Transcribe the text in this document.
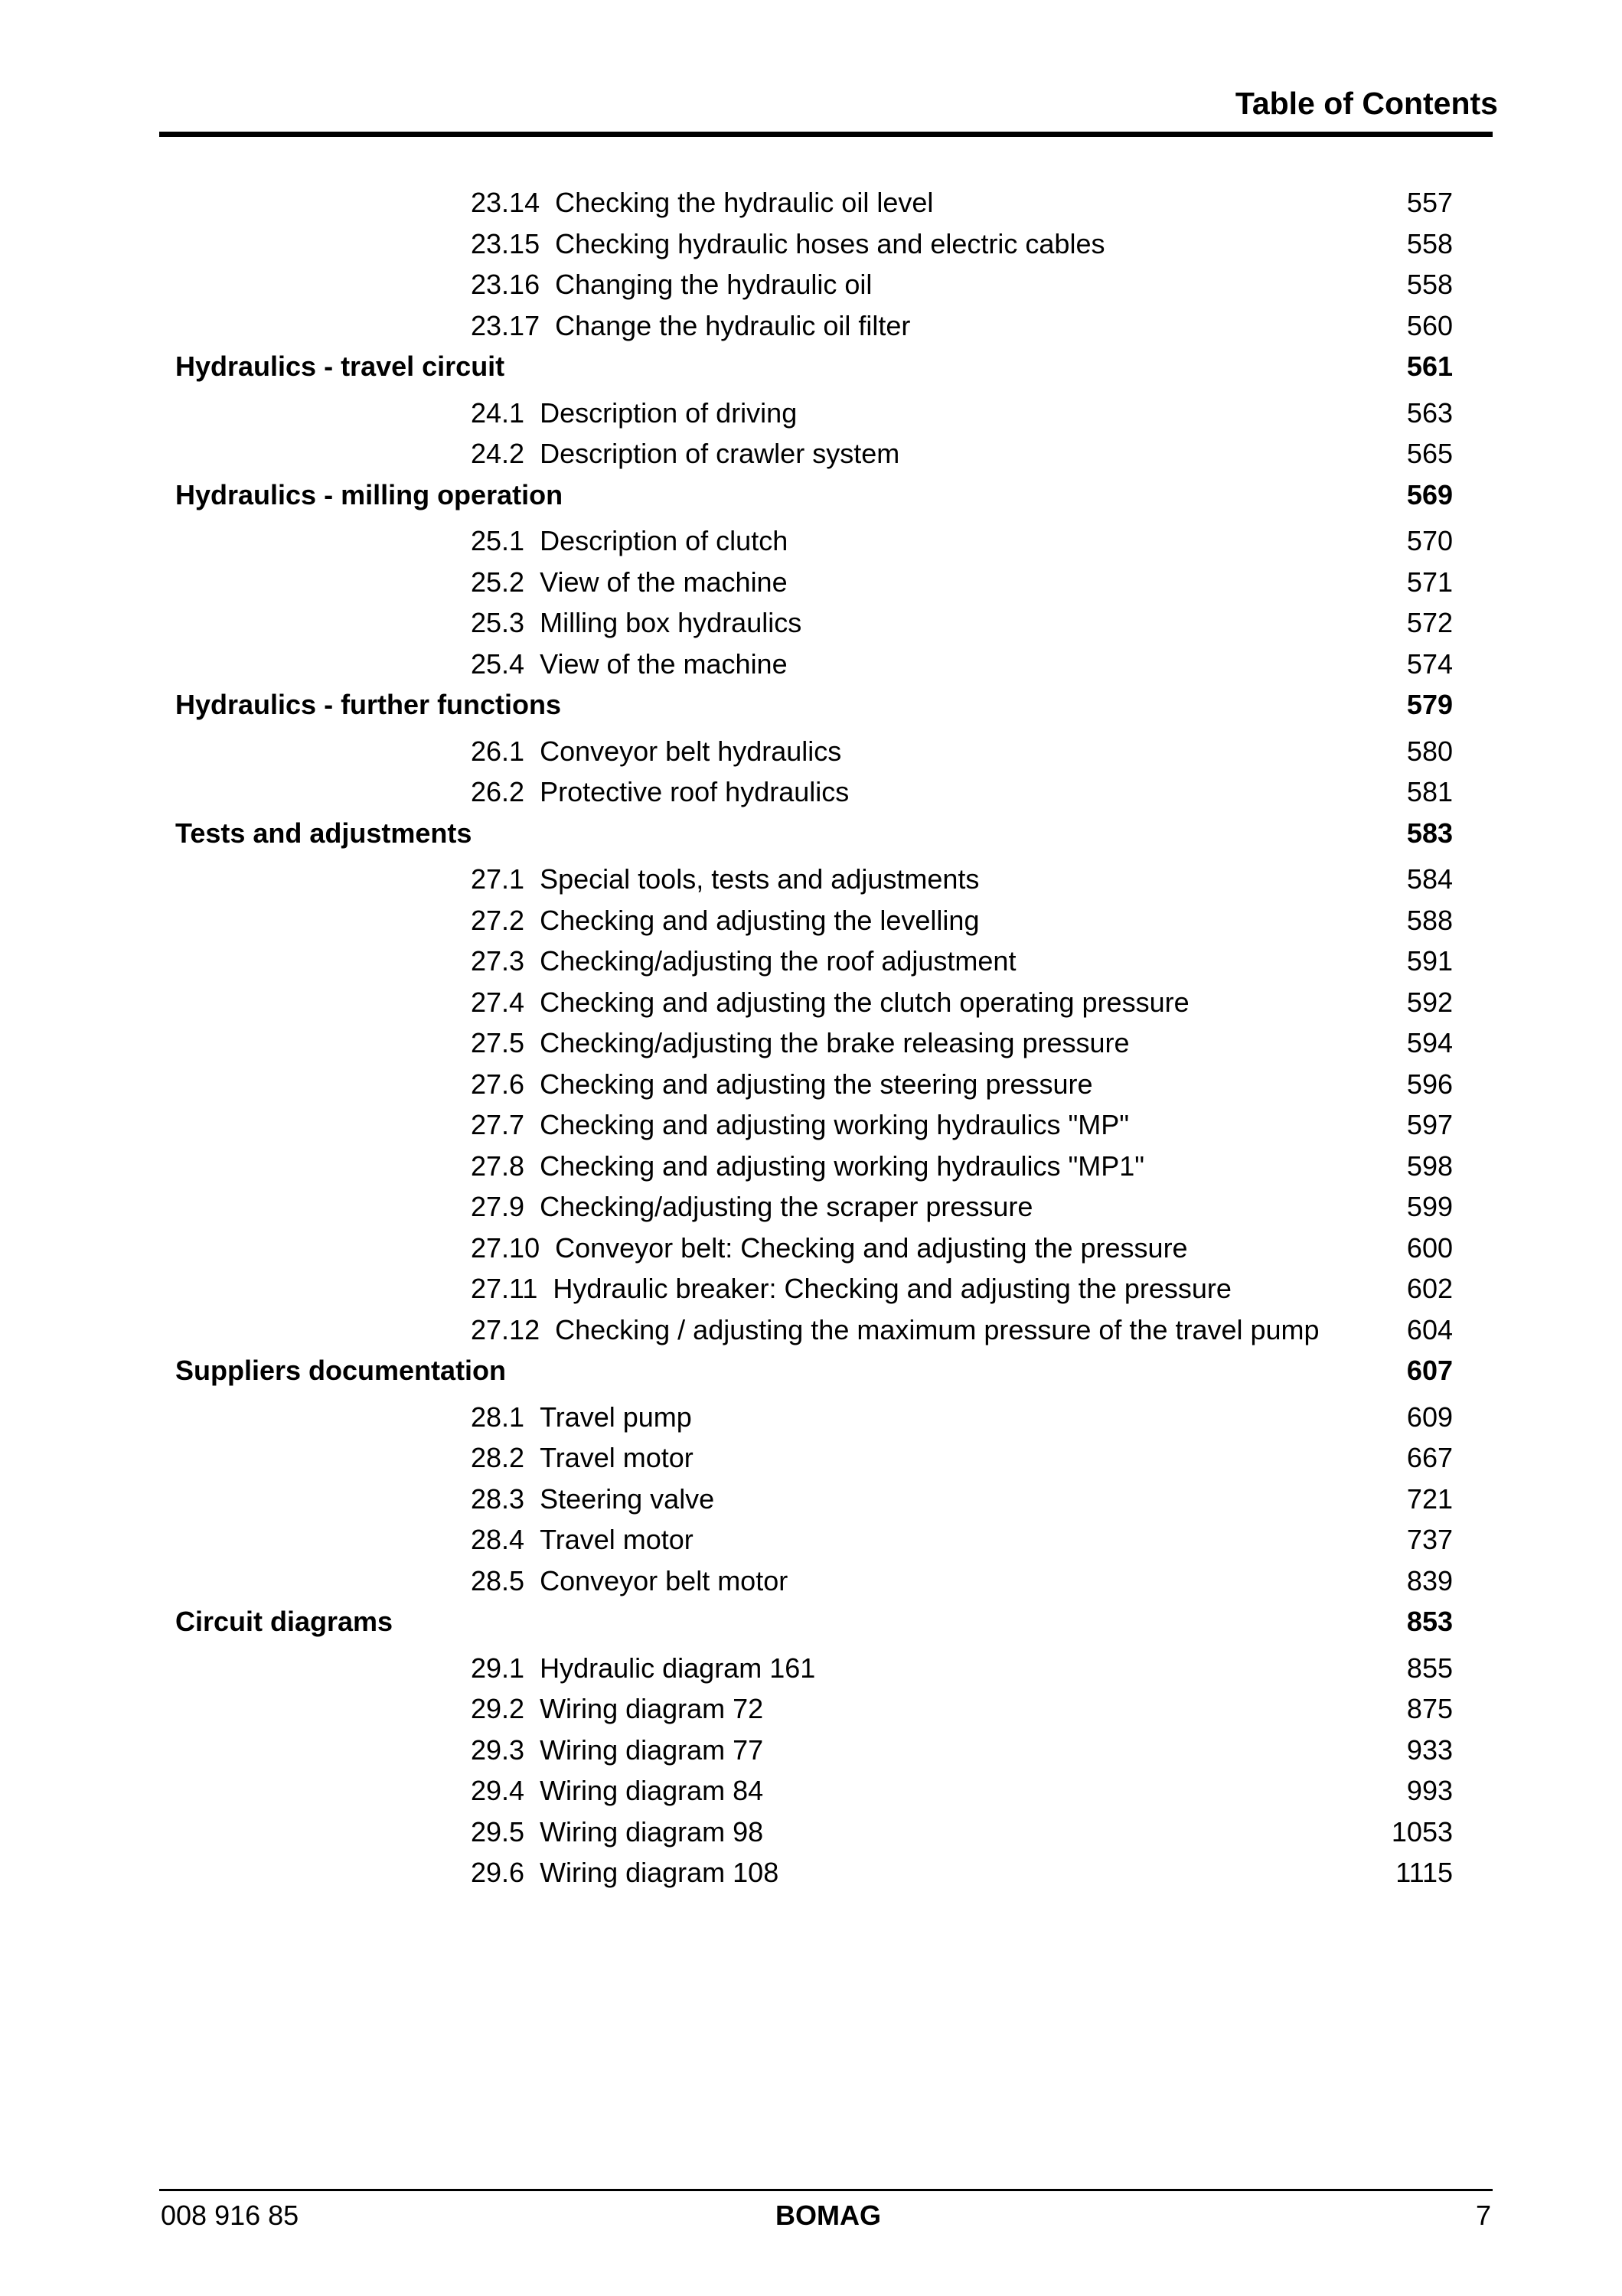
Table of Contents
23.14 Checking the hydraulic oil level	557
23.15 Checking hydraulic hoses and electric cables	558
23.16 Changing the hydraulic oil	558
23.17 Change the hydraulic oil filter	560
Hydraulics - travel circuit	561
24.1 Description of driving	563
24.2 Description of crawler system	565
Hydraulics - milling operation	569
25.1 Description of clutch	570
25.2 View of the machine	571
25.3 Milling box hydraulics	572
25.4 View of the machine	574
Hydraulics - further functions	579
26.1 Conveyor belt hydraulics	580
26.2 Protective roof hydraulics	581
Tests and adjustments	583
27.1 Special tools, tests and adjustments	584
27.2 Checking and adjusting the levelling	588
27.3 Checking/adjusting the roof adjustment	591
27.4 Checking and adjusting the clutch operating pressure	592
27.5 Checking/adjusting the brake releasing pressure	594
27.6 Checking and adjusting the steering pressure	596
27.7 Checking and adjusting working hydraulics "MP"	597
27.8 Checking and adjusting working hydraulics "MP1"	598
27.9 Checking/adjusting the scraper pressure	599
27.10 Conveyor belt: Checking and adjusting the pressure	600
27.11 Hydraulic breaker: Checking and adjusting the pressure	602
27.12 Checking / adjusting the maximum pressure of the travel pump	604
Suppliers documentation	607
28.1 Travel pump	609
28.2 Travel motor	667
28.3 Steering valve	721
28.4 Travel motor	737
28.5 Conveyor belt motor	839
Circuit diagrams	853
29.1 Hydraulic diagram 161	855
29.2 Wiring diagram 72	875
29.3 Wiring diagram 77	933
29.4 Wiring diagram 84	993
29.5 Wiring diagram 98	1053
29.6 Wiring diagram 108	1115
008 916 85	BOMAG	7
